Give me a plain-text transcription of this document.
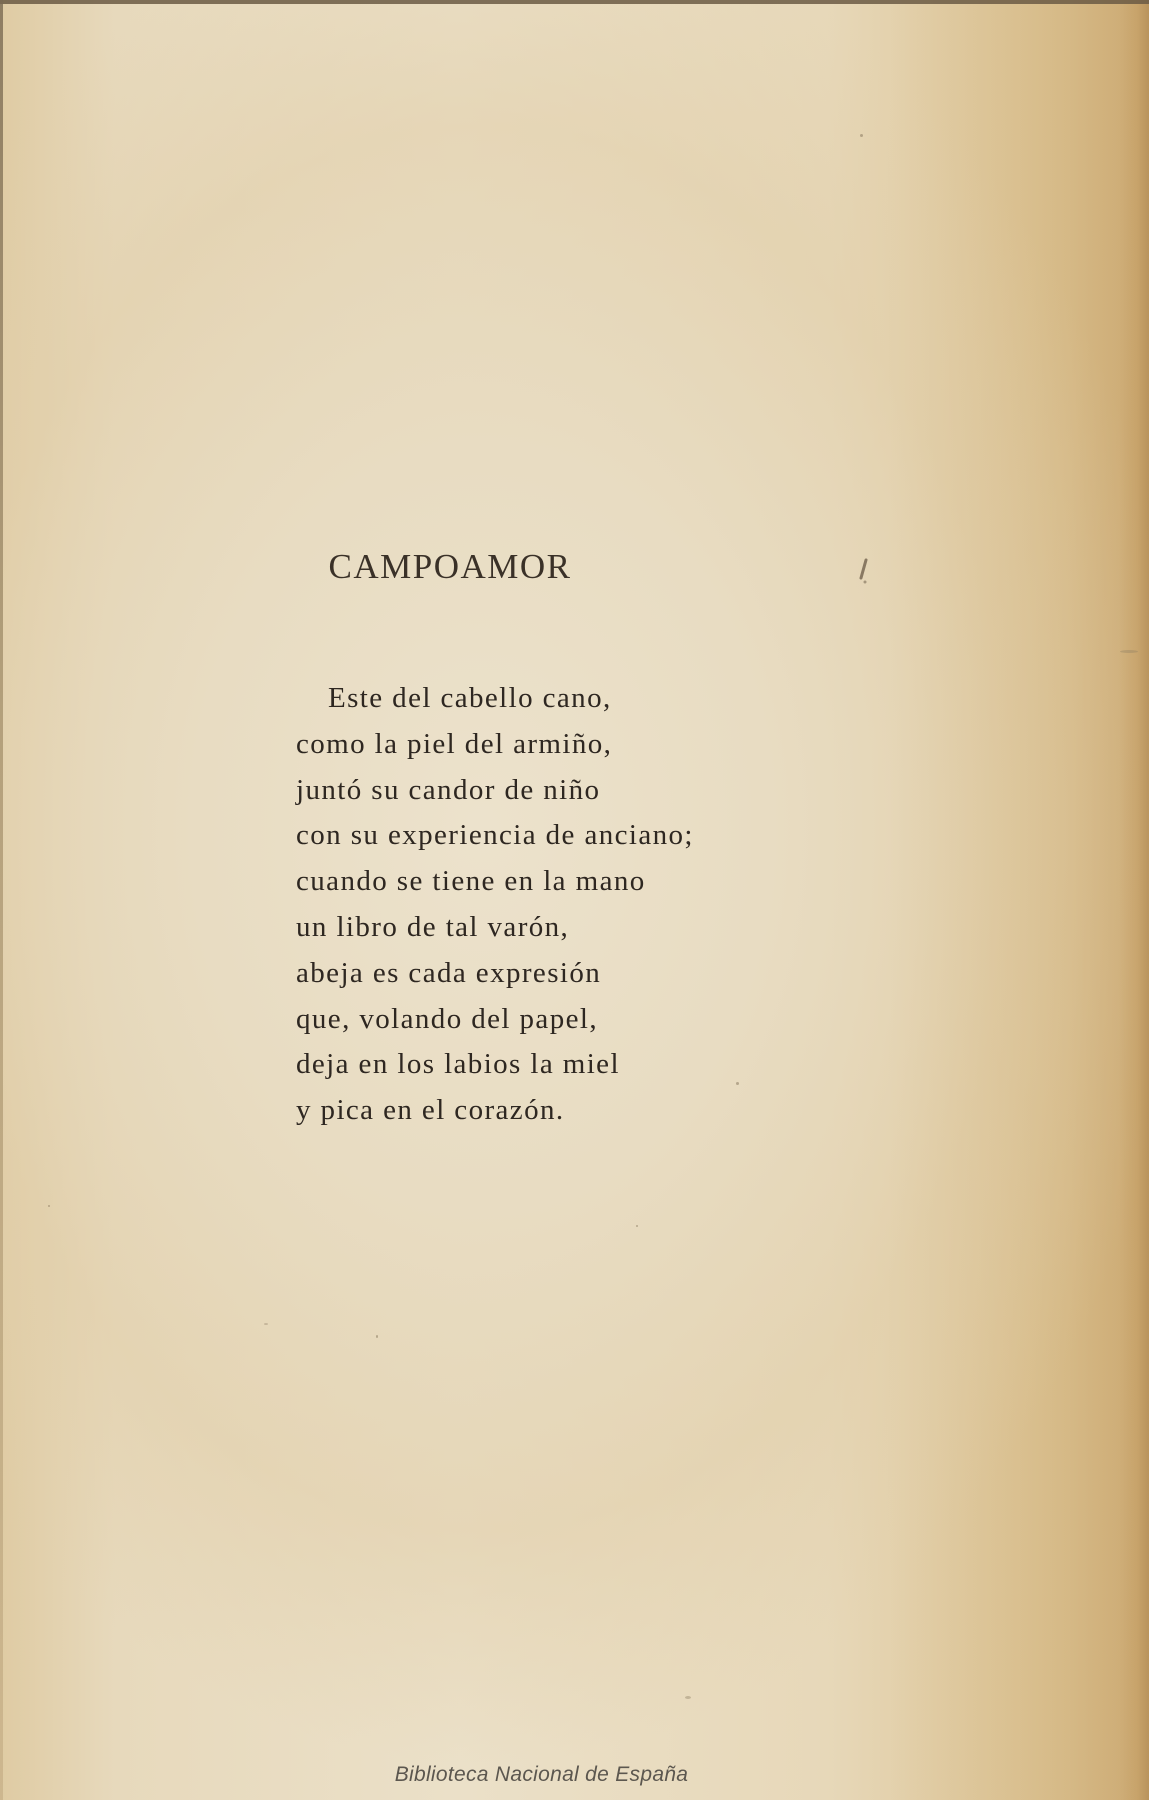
CAMPOAMOR
Este del cabello cano,
como la piel del armiño,
juntó su candor de niño
con su experiencia de anciano;
cuando se tiene en la mano
un libro de tal varón,
abeja es cada expresión
que, volando del papel,
deja en los labios la miel
y pica en el corazón.
Biblioteca Nacional de España
